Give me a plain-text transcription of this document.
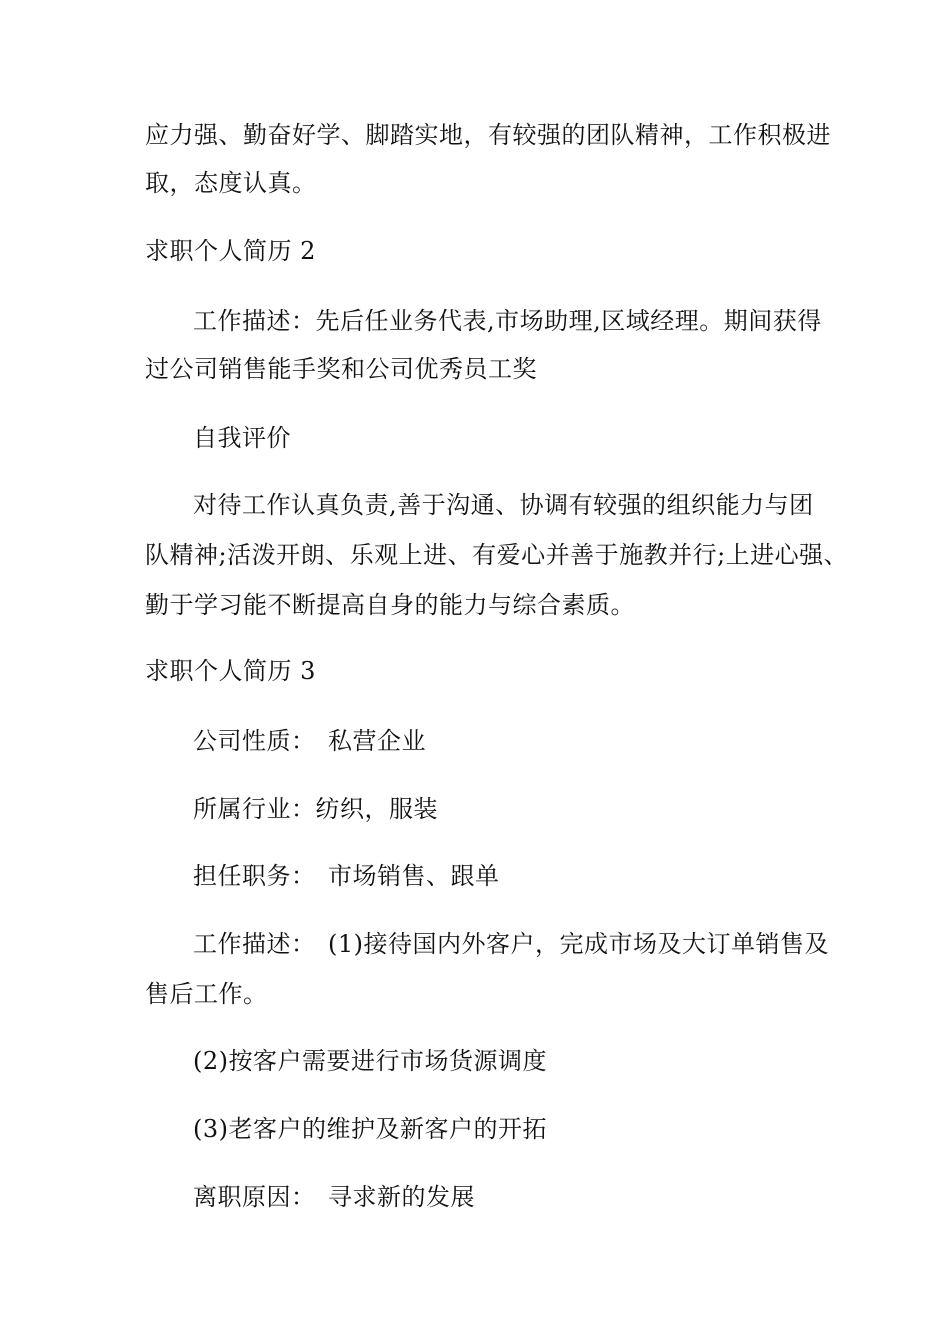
应力强、勤奋好学、脚踏实地，有较强的团队精神，工作积极进
取，态度认真。
求职个人简历 2
工作描述：先后任业务代表,市场助理,区域经理。期间获得
过公司销售能手奖和公司优秀员工奖
自我评价
对待工作认真负责,善于沟通、协调有较强的组织能力与团
队精神;活泼开朗、乐观上进、有爱心并善于施教并行;上进心强、
勤于学习能不断提高自身的能力与综合素质。
求职个人简历 3
公司性质：　私营企业
所属行业：纺织，服装
担任职务：　市场销售、跟单
工作描述：　(1)接待国内外客户，完成市场及大订单销售及
售后工作。
(2)按客户需要进行市场货源调度
(3)老客户的维护及新客户的开拓
离职原因：　寻求新的发展
